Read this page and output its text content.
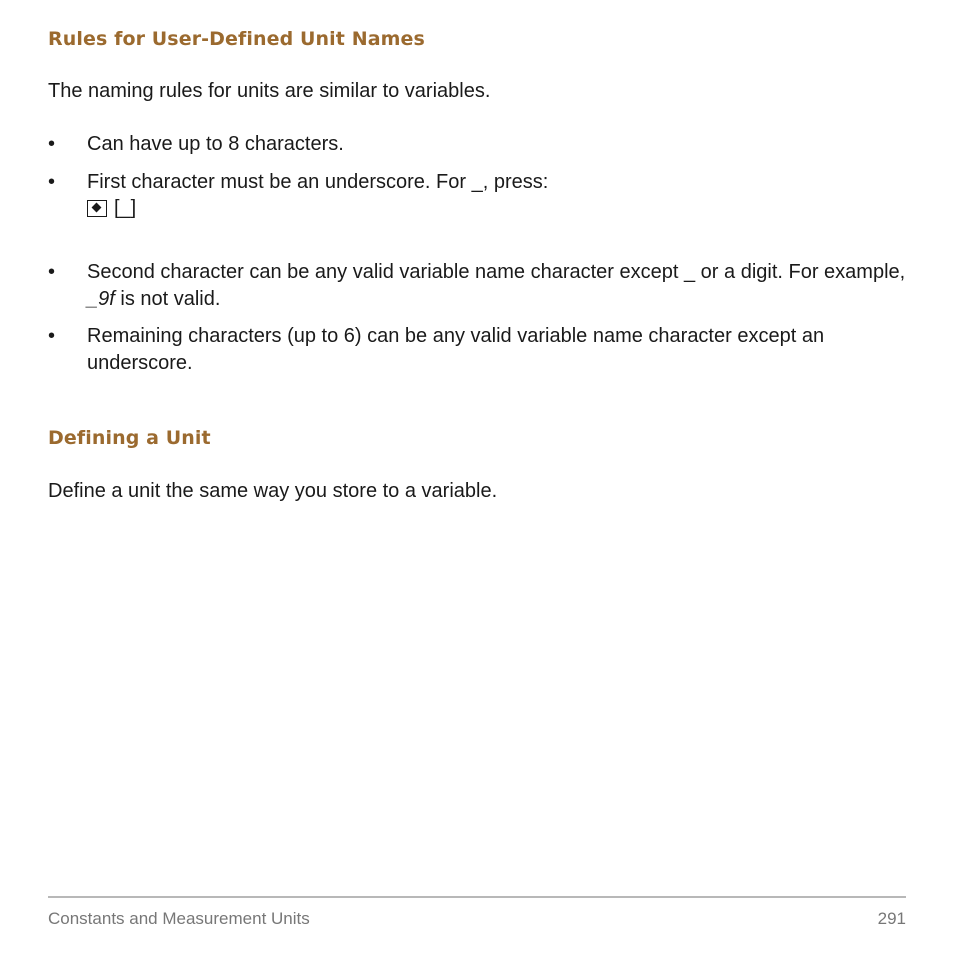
Rules for User-Defined Unit Names

The naming rules for units are similar to variables.

• Can have up to 8 characters.
• First character must be an underscore. For _, press:
[_]
• Second character can be any valid variable name character except _ or a digit. For example, _9f is not valid.
• Remaining characters (up to 6) can be any valid variable name character except an underscore.
Defining a Unit

Define a unit the same way you store to a variable.

Constants and Measurement Units	291
